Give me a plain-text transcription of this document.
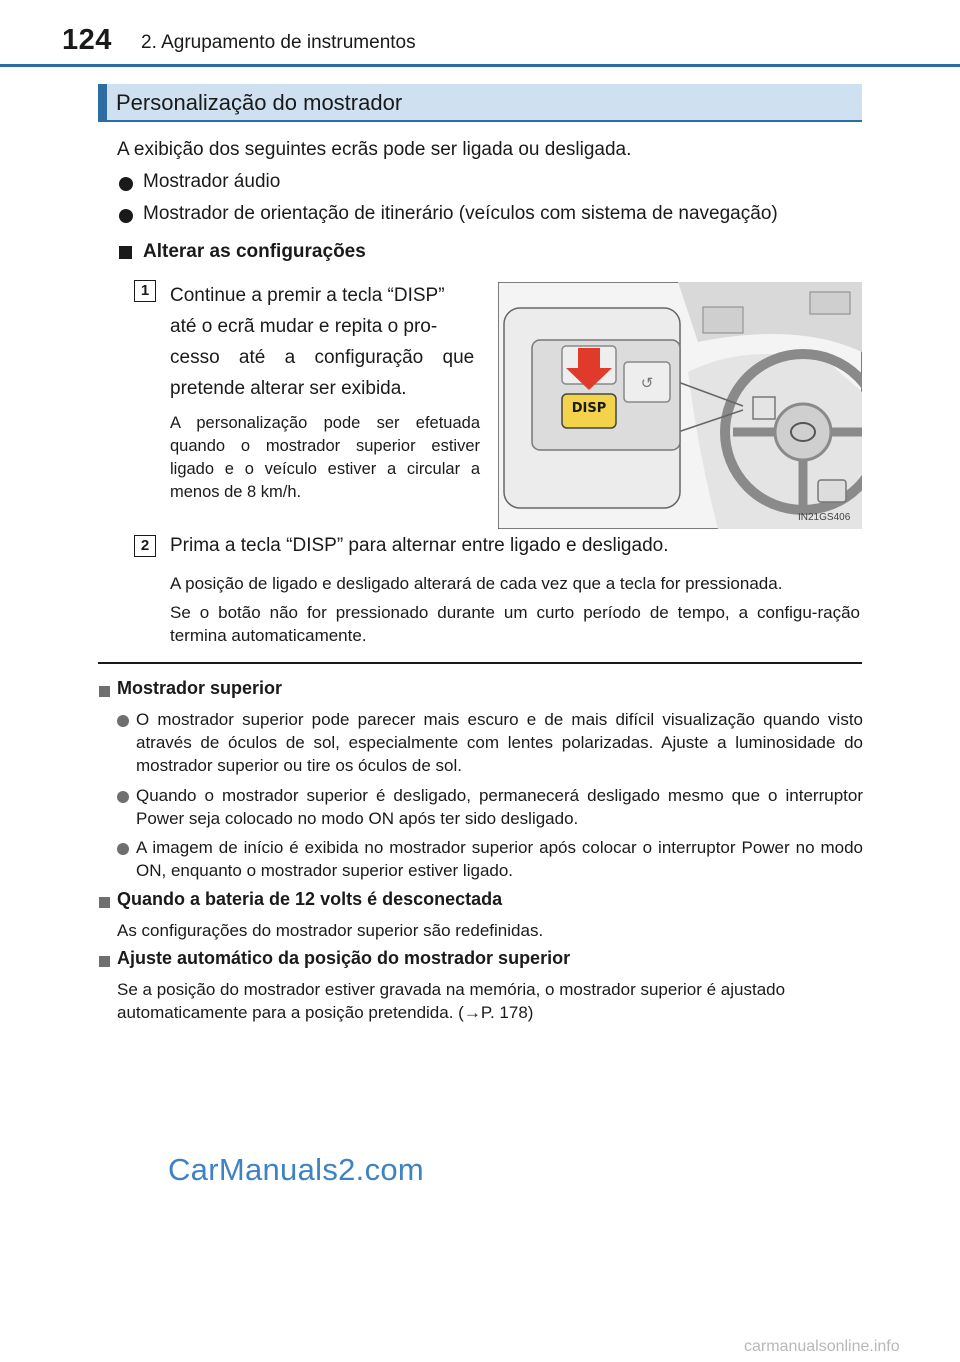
124 2. Agrupamento de instrumentos
Personalização do mostrador
A exibição dos seguintes ecrãs pode ser ligada ou desligada.
Mostrador áudio
Mostrador de orientação de itinerário (veículos com sistema de navegação)
Alterar as configurações
1	Continue a premir a tecla “DISP”
até o ecrã mudar e repita o pro-
cesso até a configuração que
pretende alterar ser exibida.
A personalização pode ser efetuada quando o mostrador superior estiver ligado e o veículo estiver a circular a menos de 8 km/h.
↺
DISP
IN21GS406
2	Prima a tecla “DISP” para alternar entre ligado e desligado.
A posição de ligado e desligado alterará de cada vez que a tecla for pressionada.
Se o botão não for pressionado durante um curto período de tempo, a configu-ração termina automaticamente.
Mostrador superior
O mostrador superior pode parecer mais escuro e de mais difícil visualização quando visto através de óculos de sol, especialmente com lentes polarizadas. Ajuste a luminosidade do mostrador superior ou tire os óculos de sol.
Quando o mostrador superior é desligado, permanecerá desligado mesmo que o interruptor Power seja colocado no modo ON após ter sido desligado.
A imagem de início é exibida no mostrador superior após colocar o interruptor Power no modo ON, enquanto o mostrador superior estiver ligado.
Quando a bateria de 12 volts é desconectada
As configurações do mostrador superior são redefinidas.
Ajuste automático da posição do mostrador superior
Se a posição do mostrador estiver gravada na memória, o mostrador superior é ajustado automaticamente para a posição pretendida. (→P. 178)
CarManuals2.com
carmanualsonline.info
